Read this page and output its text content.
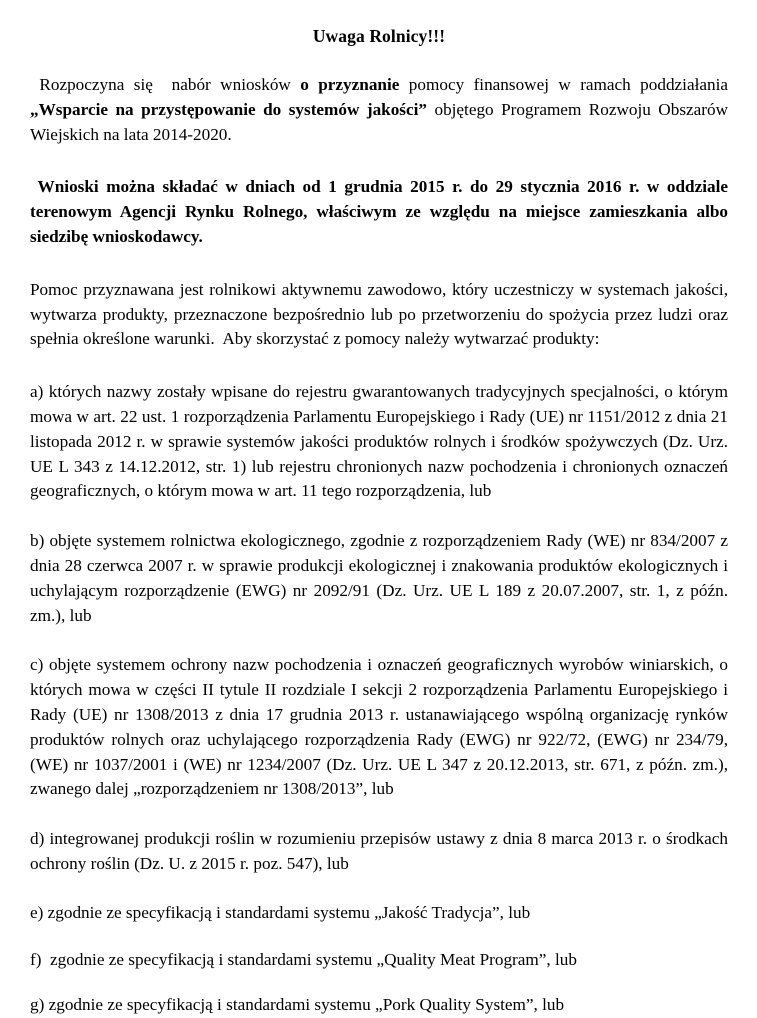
Uwaga Rolnicy!!!

Rozpoczyna się  nabór wniosków o przyznanie pomocy finansowej w ramach poddziałania „Wsparcie na przystępowanie do systemów jakości” objętego Programem Rozwoju Obszarów Wiejskich na lata 2014-2020.

Wnioski można składać w dniach od 1 grudnia 2015 r. do 29 stycznia 2016 r. w oddziale terenowym Agencji Rynku Rolnego, właściwym ze względu na miejsce zamieszkania albo siedzibę wnioskodawcy.

Pomoc przyznawana jest rolnikowi aktywnemu zawodowo, który uczestniczy w systemach jakości, wytwarza produkty, przeznaczone bezpośrednio lub po przetworzeniu do spożycia przez ludzi oraz spełnia określone warunki.  Aby skorzystać z pomocy należy wytwarzać produkty:

a) których nazwy zostały wpisane do rejestru gwarantowanych tradycyjnych specjalności, o którym mowa w art. 22 ust. 1 rozporządzenia Parlamentu Europejskiego i Rady (UE) nr 1151/2012 z dnia 21 listopada 2012 r. w sprawie systemów jakości produktów rolnych i środków spożywczych (Dz. Urz. UE L 343 z 14.12.2012, str. 1) lub rejestru chronionych nazw pochodzenia i chronionych oznaczeń geograficznych, o którym mowa w art. 11 tego rozporządzenia, lub

b) objęte systemem rolnictwa ekologicznego, zgodnie z rozporządzeniem Rady (WE) nr 834/2007 z dnia 28 czerwca 2007 r. w sprawie produkcji ekologicznej i znakowania produktów ekologicznych i uchylającym rozporządzenie (EWG) nr 2092/91 (Dz. Urz. UE L 189 z 20.07.2007, str. 1, z późn. zm.), lub

c) objęte systemem ochrony nazw pochodzenia i oznaczeń geograficznych wyrobów winiarskich, o których mowa w części II tytule II rozdziale I sekcji 2 rozporządzenia Parlamentu Europejskiego i Rady (UE) nr 1308/2013 z dnia 17 grudnia 2013 r. ustanawiającego wspólną organizację rynków produktów rolnych oraz uchylającego rozporządzenia Rady (EWG) nr 922/72, (EWG) nr 234/79, (WE) nr 1037/2001 i (WE) nr 1234/2007 (Dz. Urz. UE L 347 z 20.12.2013, str. 671, z późn. zm.), zwanego dalej „rozporządzeniem nr 1308/2013”, lub

d) integrowanej produkcji roślin w rozumieniu przepisów ustawy z dnia 8 marca 2013 r. o środkach ochrony roślin (Dz. U. z 2015 r. poz. 547), lub

e) zgodnie ze specyfikacją i standardami systemu „Jakość Tradycja”, lub

f)  zgodnie ze specyfikacją i standardami systemu „Quality Meat Program”, lub

g) zgodnie ze specyfikacją i standardami systemu „Pork Quality System”, lub
